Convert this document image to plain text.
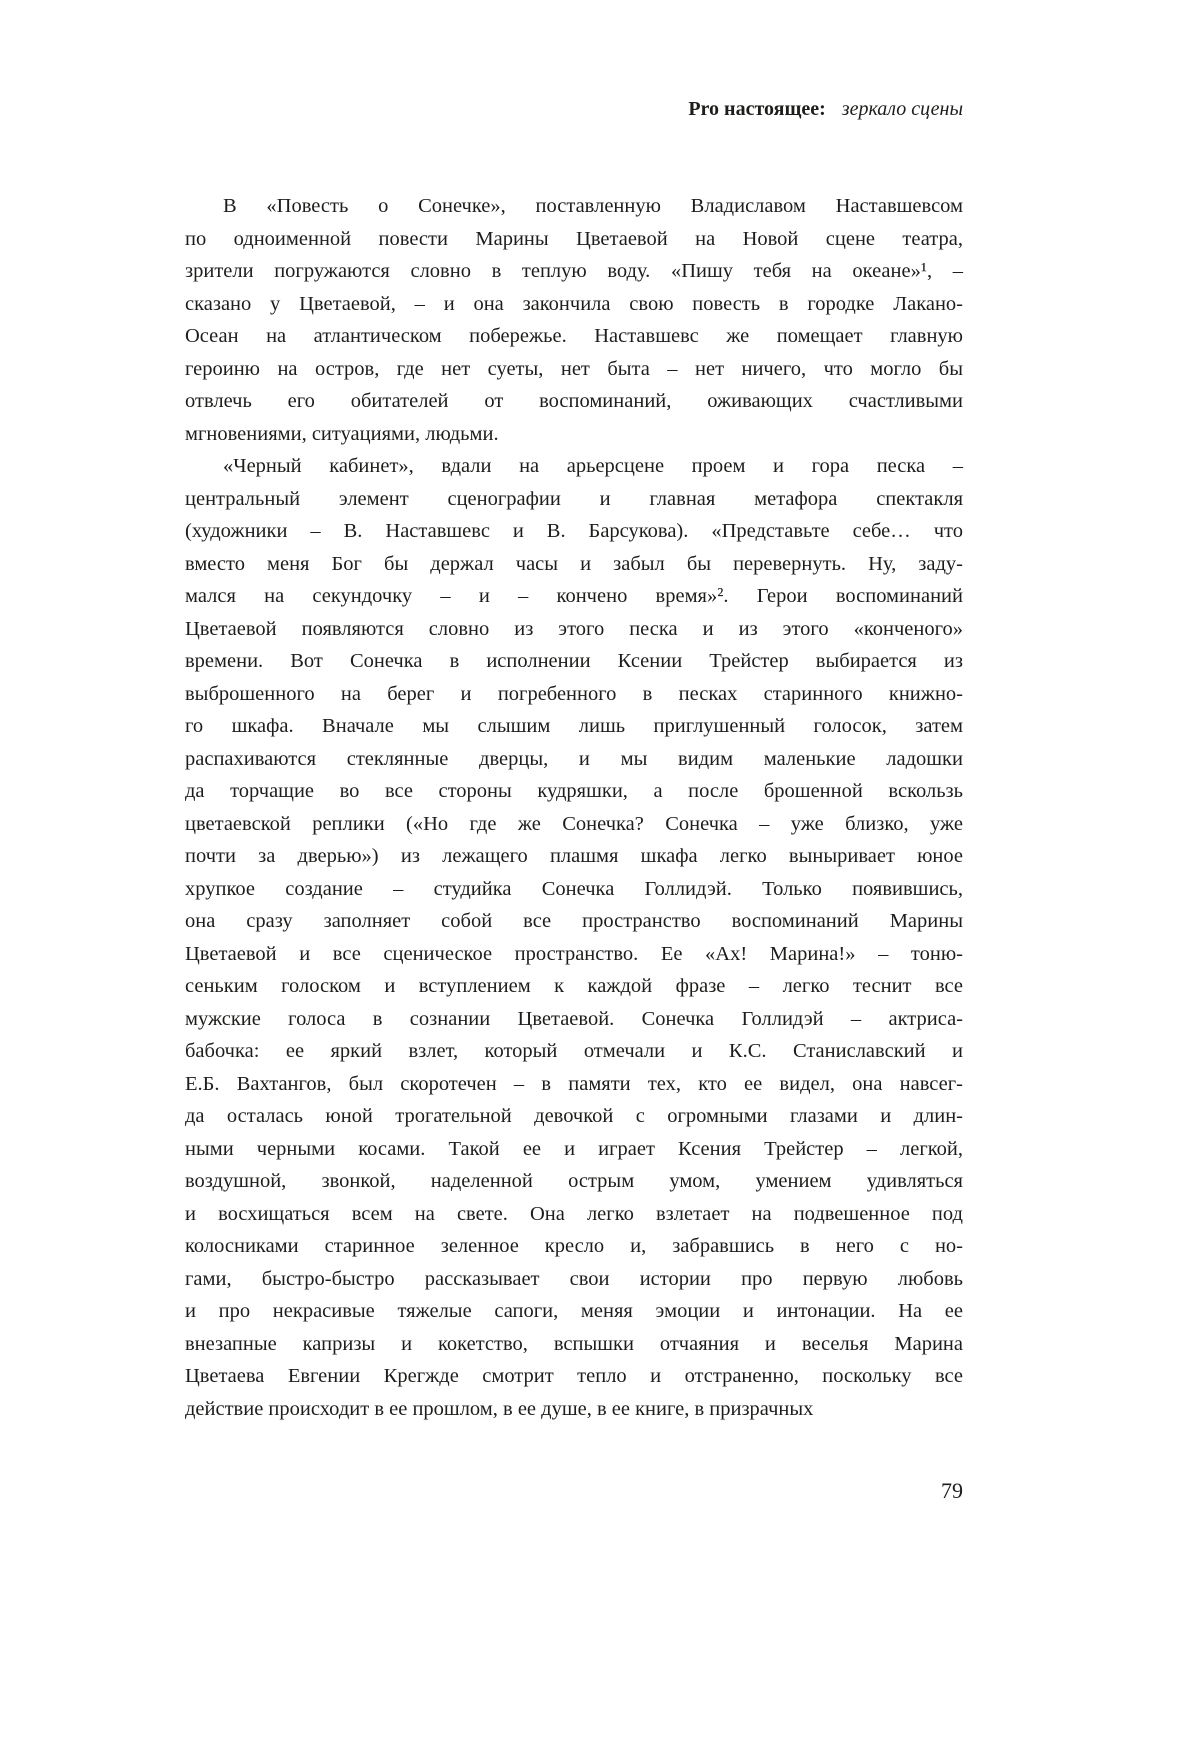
Pro настоящее: зеркало сцены
В «Повесть о Сонечке», поставленную Владиславом Наставшевсом
по одноименной повести Марины Цветаевой на Новой сцене театра,
зрители погружаются словно в теплую воду. «Пишу тебя на океане»¹, –
сказано у Цветаевой, – и она закончила свою повесть в городке Лакано-
Осеан на атлантическом побережье. Наставшевс же помещает главную
героиню на остров, где нет суеты, нет быта – нет ничего, что могло бы
отвлечь его обитателей от воспоминаний, оживающих счастливыми
мгновениями, ситуациями, людьми.
«Черный кабинет», вдали на арьерсцене проем и гора песка –
центральный элемент сценографии и главная метафора спектакля
(художники – В. Наставшевс и В. Барсукова). «Представьте себе… что
вместо меня Бог бы держал часы и забыл бы перевернуть. Ну, заду-
мался на секундочку – и – кончено время»². Герои воспоминаний
Цветаевой появляются словно из этого песка и из этого «конченого»
времени. Вот Сонечка в исполнении Ксении Трейстер выбирается из
выброшенного на берег и погребенного в песках старинного книжно-
го шкафа. Вначале мы слышим лишь приглушенный голосок, затем
распахиваются стеклянные дверцы, и мы видим маленькие ладошки
да торчащие во все стороны кудряшки, а после брошенной вскользь
цветаевской реплики («Но где же Сонечка? Сонечка – уже близко, уже
почти за дверью») из лежащего плашмя шкафа легко выныривает юное
хрупкое создание – студийка Сонечка Голлидэй. Только появившись,
она сразу заполняет собой все пространство воспоминаний Марины
Цветаевой и все сценическое пространство. Ее «Ах! Марина!» – тоню-
сеньким голоском и вступлением к каждой фразе – легко теснит все
мужские голоса в сознании Цветаевой. Сонечка Голлидэй – актриса-
бабочка: ее яркий взлет, который отмечали и К.С. Станиславский и
Е.Б. Вахтангов, был скоротечен – в памяти тех, кто ее видел, она навсег-
да осталась юной трогательной девочкой с огромными глазами и длин-
ными черными косами. Такой ее и играет Ксения Трейстер – легкой,
воздушной, звонкой, наделенной острым умом, умением удивляться
и восхищаться всем на свете. Она легко взлетает на подвешенное под
колосниками старинное зеленное кресло и, забравшись в него с но-
гами, быстро-быстро рассказывает свои истории про первую любовь
и про некрасивые тяжелые сапоги, меняя эмоции и интонации. На ее
внезапные капризы и кокетство, вспышки отчаяния и веселья Марина
Цветаева Евгении Крегжде смотрит тепло и отстраненно, поскольку все
действие происходит в ее прошлом, в ее душе, в ее книге, в призрачных
79
